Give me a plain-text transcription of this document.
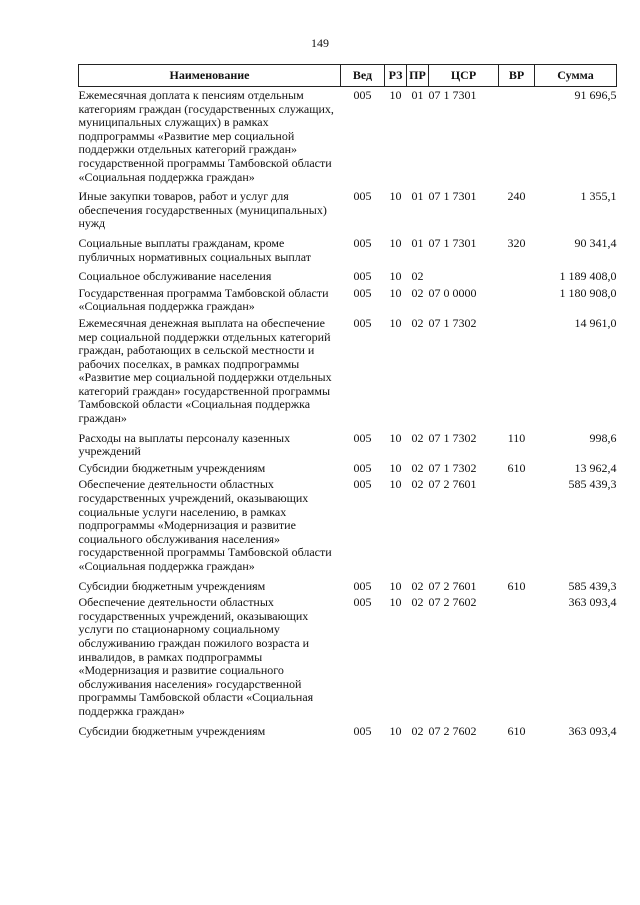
149
Наименование	Вед	РЗ	ПР	ЦСР	ВР	Сумма
Ежемесячная доплата к пенсиям отдельным категориям граждан (государственных служащих, муниципальных служащих) в рамках подпрограммы «Развитие мер социальной поддержки отдельных категорий граждан» государственной программы Тамбовской области «Социальная поддержка граждан»	005	10	01	07 1 7301		91 696,5
Иные закупки товаров, работ и услуг для обеспечения государственных (муниципальных) нужд	005	10	01	07 1 7301	240	1 355,1
Социальные выплаты гражданам, кроме публичных нормативных социальных выплат	005	10	01	07 1 7301	320	90 341,4
Социальное обслуживание населения	005	10	02			1 189 408,0
Государственная программа Тамбовской области «Социальная поддержка граждан»	005	10	02	07 0 0000		1 180 908,0
Ежемесячная денежная выплата на обеспечение мер социальной поддержки отдельных категорий граждан, работающих в сельской местности и рабочих поселках, в рамках подпрограммы «Развитие мер социальной поддержки отдельных категорий граждан» государственной программы Тамбовской области «Социальная поддержка граждан»	005	10	02	07 1 7302		14 961,0
Расходы на выплаты персоналу казенных учреждений	005	10	02	07 1 7302	110	998,6
Субсидии бюджетным учреждениям	005	10	02	07 1 7302	610	13 962,4
Обеспечение деятельности областных государственных учреждений, оказывающих социальные услуги населению, в рамках подпрограммы «Модернизация и развитие социального обслуживания населения» государственной программы Тамбовской области «Социальная поддержка граждан»	005	10	02	07 2 7601		585 439,3
Субсидии бюджетным учреждениям	005	10	02	07 2 7601	610	585 439,3
Обеспечение деятельности областных государственных учреждений, оказывающих услуги по стационарному социальному обслуживанию граждан пожилого возраста и инвалидов, в рамках подпрограммы «Модернизация и развитие социального обслуживания населения» государственной программы Тамбовской области «Социальная поддержка граждан»	005	10	02	07 2 7602		363 093,4
Субсидии бюджетным учреждениям	005	10	02	07 2 7602	610	363 093,4
